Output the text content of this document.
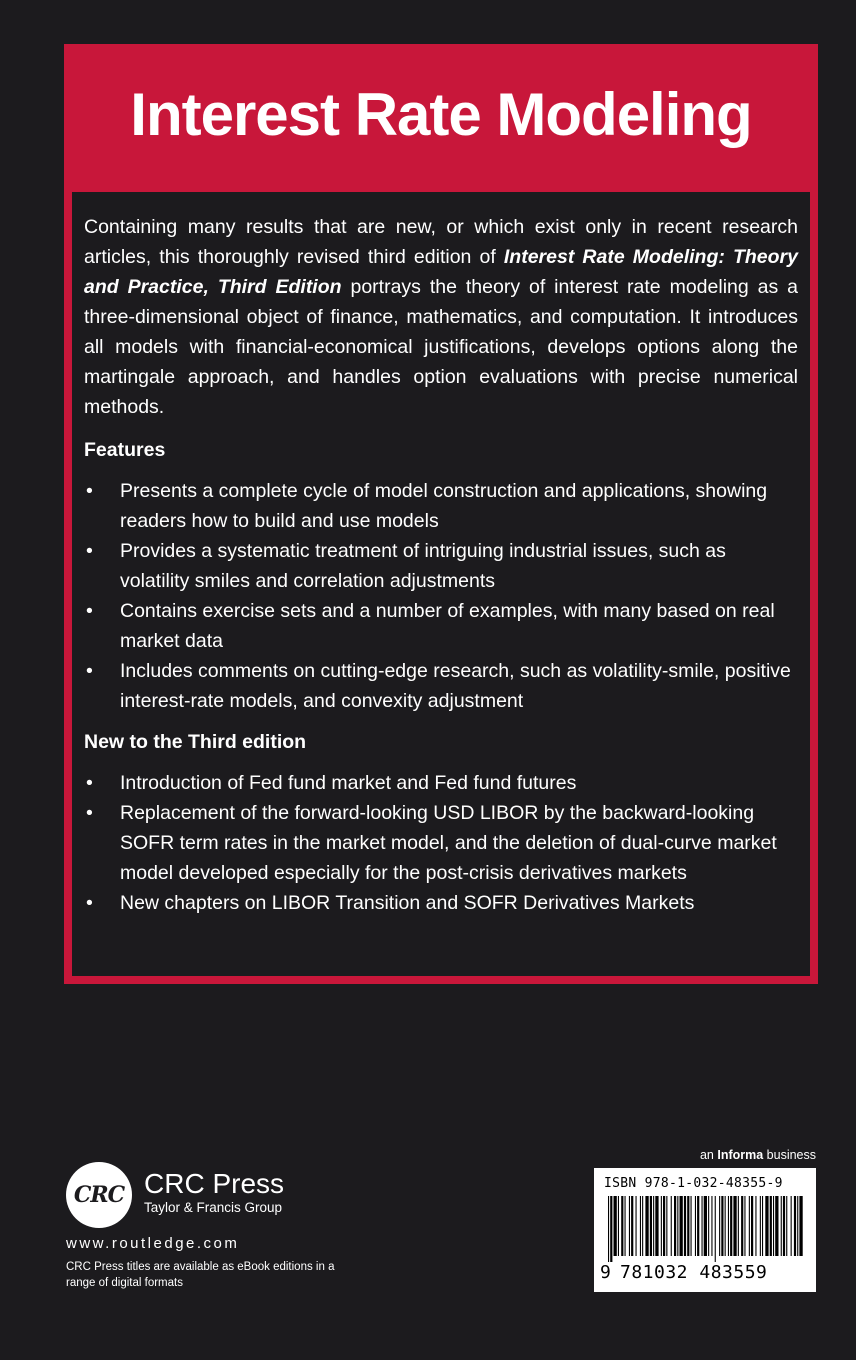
Interest Rate Modeling

Containing many results that are new, or which exist only in recent research articles, this thoroughly revised third edition of Interest Rate Modeling: Theory and Practice, Third Edition portrays the theory of interest rate modeling as a three-dimensional object of finance, mathematics, and computation. It introduces all models with financial-economical justifications, develops options along the martingale approach, and handles option evaluations with precise numerical methods.

Features
• Presents a complete cycle of model construction and applications, showing readers how to build and use models
• Provides a systematic treatment of intriguing industrial issues, such as volatility smiles and correlation adjustments
• Contains exercise sets and a number of examples, with many based on real market data
• Includes comments on cutting-edge research, such as volatility-smile, positive interest-rate models, and convexity adjustment
New to the Third edition
• Introduction of Fed fund market and Fed fund futures
• Replacement of the forward-looking USD LIBOR by the backward-looking SOFR term rates in the market model, and the deletion of dual-curve market model developed especially for the post-crisis derivatives markets
• New chapters on LIBOR Transition and SOFR Derivatives Markets
CRC CRC Press
Taylor & Francis Group
www.routledge.com
CRC Press titles are available as eBook editions in a range of digital formats
an Informa business
ISBN 978-1-032-48355-9
9 781032 483559
